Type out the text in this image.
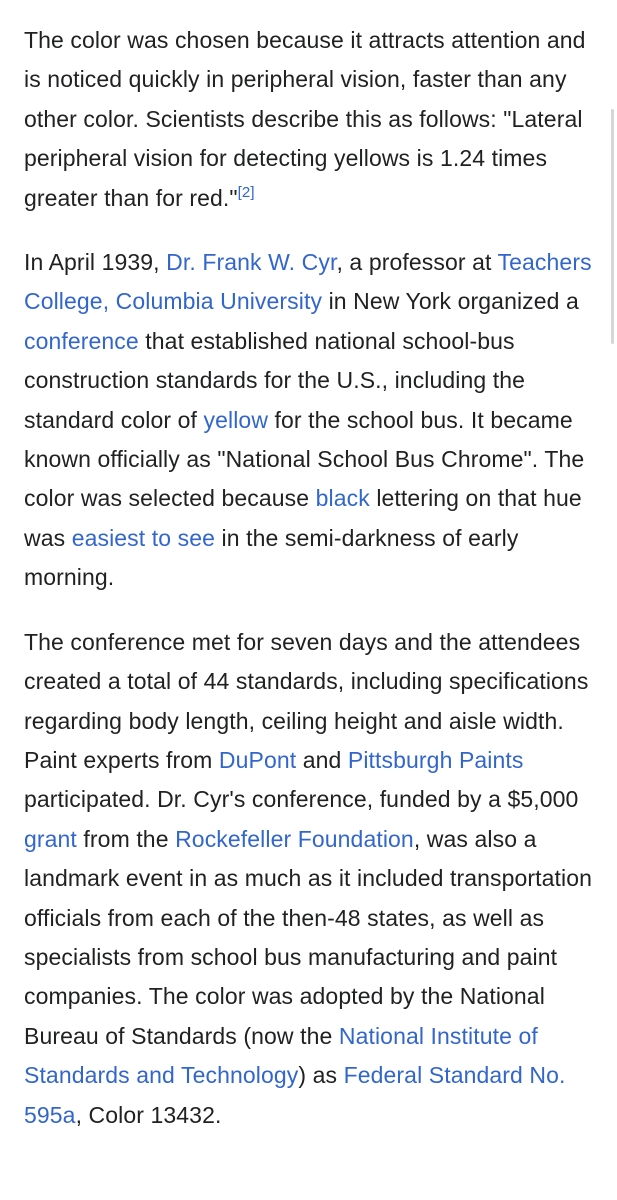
The color was chosen because it attracts attention and is noticed quickly in peripheral vision, faster than any other color. Scientists describe this as follows: "Lateral peripheral vision for detecting yellows is 1.24 times greater than for red."[2]

In April 1939, Dr. Frank W. Cyr, a professor at Teachers College, Columbia University in New York organized a conference that established national school-bus construction standards for the U.S., including the standard color of yellow for the school bus. It became known officially as "National School Bus Chrome". The color was selected because black lettering on that hue was easiest to see in the semi-darkness of early morning.

The conference met for seven days and the attendees created a total of 44 standards, including specifications regarding body length, ceiling height and aisle width. Paint experts from DuPont and Pittsburgh Paints participated. Dr. Cyr's conference, funded by a $5,000 grant from the Rockefeller Foundation, was also a landmark event in as much as it included transportation officials from each of the then-48 states, as well as specialists from school bus manufacturing and paint companies. The color was adopted by the National Bureau of Standards (now the National Institute of Standards and Technology) as Federal Standard No. 595a, Color 13432.
